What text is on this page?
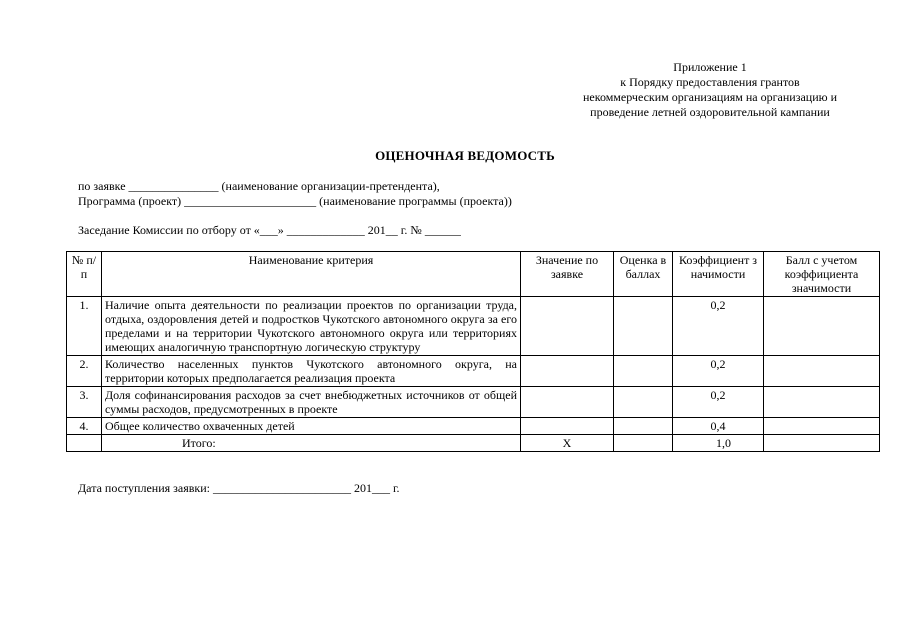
Приложение 1
к Порядку предоставления грантов
некоммерческим организациям на организацию и
проведение летней оздоровительной кампании
ОЦЕНОЧНАЯ ВЕДОМОСТЬ
по заявке _______________ (наименование организации-претендента),
Программа (проект) ______________________ (наименование программы (проекта))
Заседание Комиссии по отбору от «___» _____________ 201__ г. № ______
№ п/п	Наименование критерия	Значение по заявке	Оценка в баллах	Коэффициент значимости	Балл с учетом коэффициента значимости
1.	Наличие опыта деятельности по реализации проектов по организации труда, отдыха, оздоровления детей и подростков Чукотского автономного округа за его пределами и на территории Чукотского автономного округа или территориях имеющих аналогичную транспортную логическую структуру			0,2	
2.	Количество населенных пунктов Чукотского автономного округа, на территории которых предполагается реализация проекта			0,2	
3.	Доля софинансирования расходов за счет внебюджетных источников от общей суммы расходов, предусмотренных в проекте			0,2	
4.	Общее количество охваченных детей			0,4	
	Итого:	X		1,0	
Дата поступления заявки: _______________________ 201___ г.
